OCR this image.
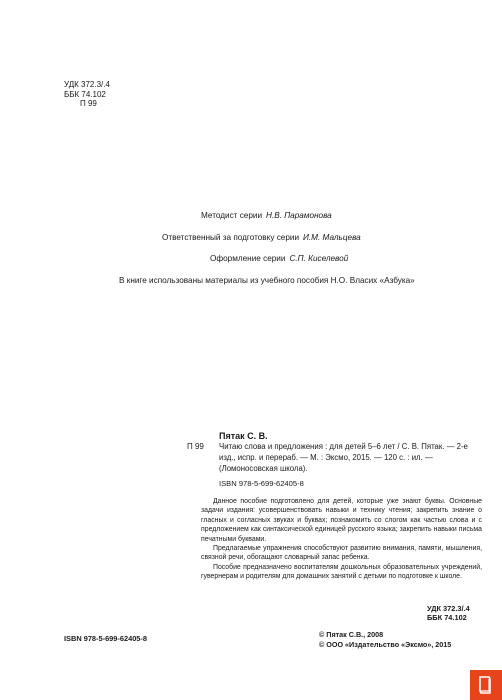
УДК 372.3/.4
ББК 74.102
П 99
Методист серии Н.В. Парамонова
Ответственный за подготовку серии И.М. Мальцева
Оформление серии С.П. Киселевой
В книге использованы материалы из учебного пособия Н.О. Власих «Азбука»
Пятак С. В.
П 99 Читаю слова и предложения : для детей 5–6 лет / С. В. Пятак. — 2-е изд., испр. и перераб. — М. : Эксмо, 2015. — 120 с. : ил. — (Ломоносовская школа).
ISBN 978-5-699-62405-8

Данное пособие подготовлено для детей, которые уже знают буквы. Основные задачи издания: усовершенствовать навыки и технику чтения; закрепить знание о гласных и согласных звуках и буквах; познакомить со слогом как частью слова и с предложением как синтаксической единицей русского языка; закрепить навыки письма печатными буквами.

Предлагаемые упражнения способствуют развитию внимания, памяти, мышления, связной речи, обогащают словарный запас ребенка.

Пособие предназначено воспитателям дошкольных образовательных учреждений, гувернерам и родителям для домашних занятий с детьми по подготовке к школе.

УДК 372.3/.4
ББК 74.102
ISBN 978-5-699-62405-8	© Пятак С.В., 2008
© ООО «Издательство «Эксмо», 2015
